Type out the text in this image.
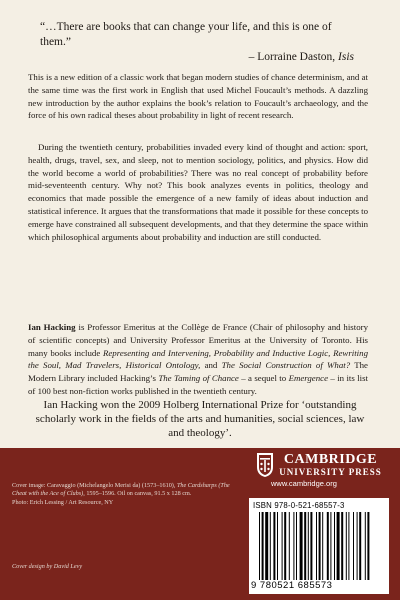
“…There are books that can change your life, and this is one of them.”
– Lorraine Daston, Isis

This is a new edition of a classic work that began modern studies of chance determinism, and at the same time was the first work in English that used Michel Foucault’s methods. A dazzling new introduction by the author explains the book’s relation to Foucault’s archaeology, and the force of his own radical theses about probability in light of recent research.

During the twentieth century, probabilities invaded every kind of thought and action: sport, health, drugs, travel, sex, and sleep, not to mention sociology, politics, and physics. How did the world become a world of probabilities? There was no real concept of probability before mid-seventeenth century. Why not? This book analyzes events in politics, theology and economics that made possible the emergence of a new family of ideas about induction and statistical inference. It argues that the transformations that made it possible for these concepts to emerge have constrained all subsequent developments, and that they determine the space within which philosophical arguments about probability and induction are still conducted.

Ian Hacking is Professor Emeritus at the Collège de France (Chair of philosophy and history of scientific concepts) and University Professor Emeritus at the University of Toronto. His many books include Representing and Intervening, Probability and Inductive Logic, Rewriting the Soul, Mad Travelers, Historical Ontology, and The Social Construction of What? The Modern Library included Hacking’s The Taming of Chance – a sequel to Emergence – in its list of 100 best non-fiction works published in the twentieth century.

Ian Hacking won the 2009 Holberg International Prize for ‘outstanding scholarly work in the fields of the arts and humanities, social sciences, law and theology’.

Cover image: Caravaggio (Michelangelo Merisi da) (1573–1610), The Cardsharps (The Cheat with the Ace of Clubs), 1595–1596. Oil on canvas, 91.5 x 128 cm.
Photo: Erich Lessing / Art Resource, NY

Cover design by David Levy
CAMBRIDGE
UNIVERSITY PRESS
www.cambridge.org
ISBN 978-0-521-68557-3
9 780521 685573
